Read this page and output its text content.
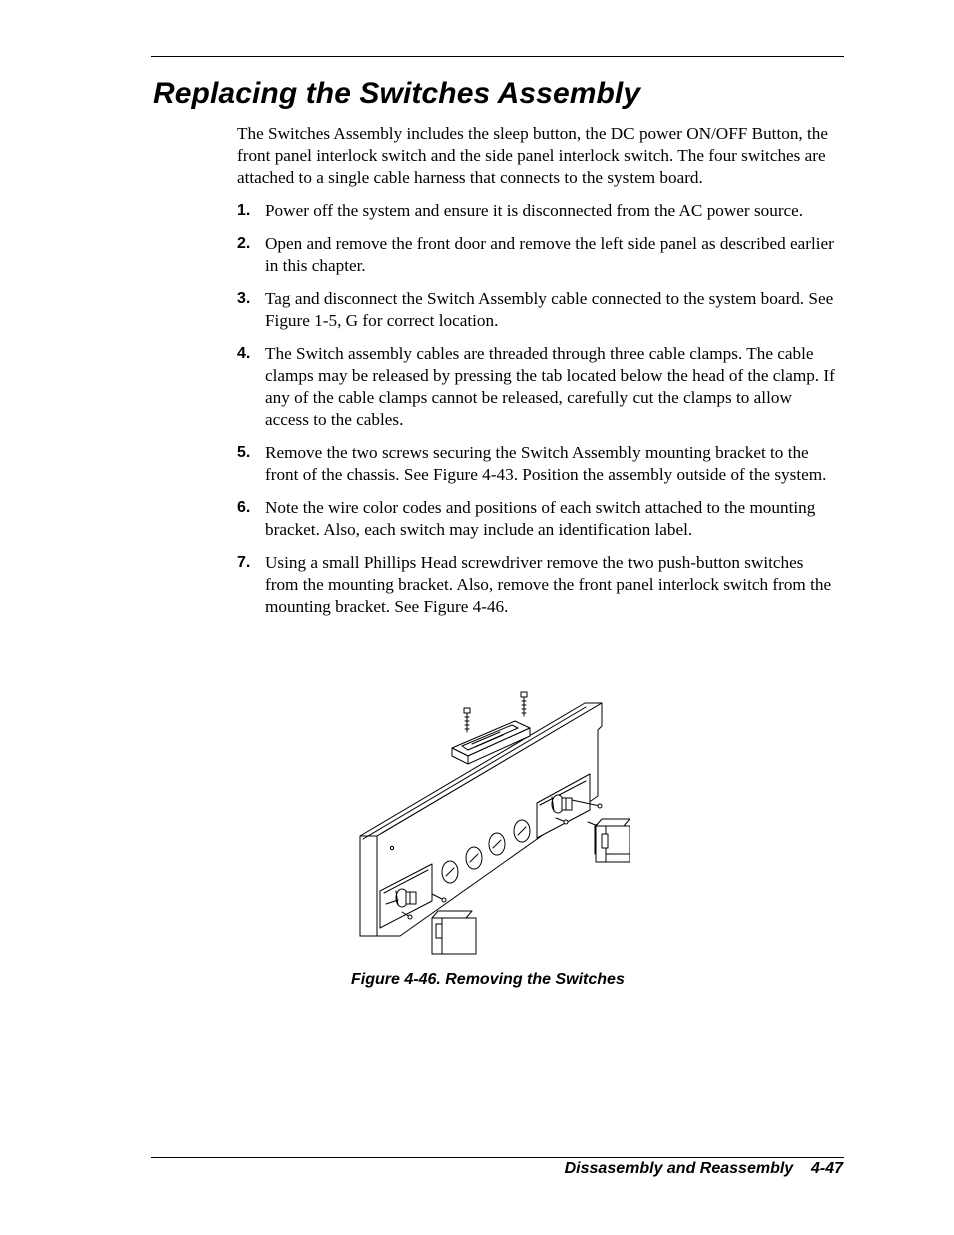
Replacing the Switches Assembly

The Switches Assembly includes the sleep button, the DC power ON/OFF Button, the front panel interlock switch and the side panel interlock switch. The four switches are attached to a single cable harness that connects to the system board.

1. Power off the system and ensure it is disconnected from the AC power source.
2. Open and remove the front door and remove the left side panel as described earlier in this chapter.
3. Tag and disconnect the Switch Assembly cable connected to the system board. See Figure 1-5, G for correct location.
4. The Switch assembly cables are threaded through three cable clamps. The cable clamps may be released by pressing the tab located below the head of the clamp. If any of the cable clamps cannot be released, carefully cut the clamps to allow access to the cables.
5. Remove the two screws securing the Switch Assembly mounting bracket to the front of the chassis. See Figure 4-43. Position the assembly outside of the system.
6. Note the wire color codes and positions of each switch attached to the mounting bracket. Also, each switch may include an identification label.
7. Using a small Phillips Head screwdriver remove the two push-button switches from the mounting bracket. Also, remove the front panel interlock switch from the mounting bracket. See Figure 4-46.

Figure 4-46. Removing the Switches

Dissasembly and Reassembly 4-47
